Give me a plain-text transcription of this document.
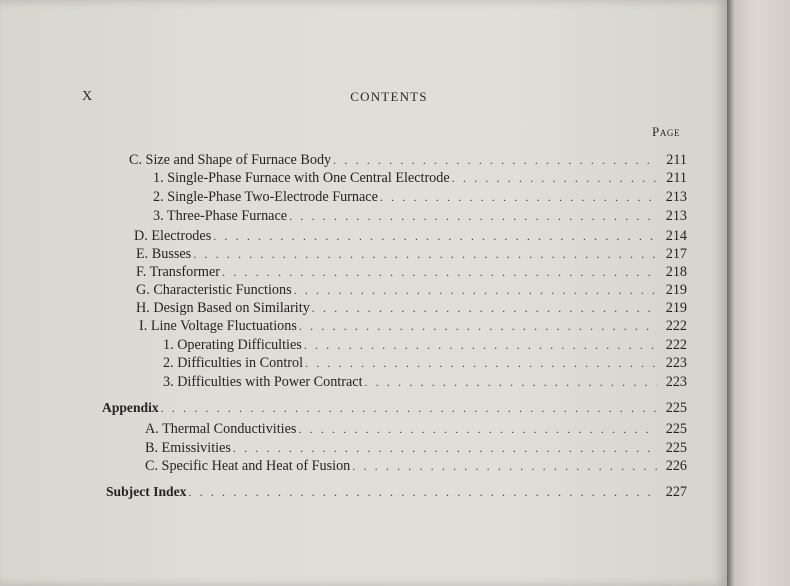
X	CONTENTS
Page
C. Size and Shape of Furnace Body . . .	211
1. Single-Phase Furnace with One Central Electrode . . .	211
2. Single-Phase Two-Electrode Furnace . . .	213
3. Three-Phase Furnace . . .	213
D. Electrodes . . .	214
E. Busses . . .	217
F. Transformer . . .	218
G. Characteristic Functions . . .	219
H. Design Based on Similarity . . .	219
I. Line Voltage Fluctuations . . .	222
1. Operating Difficulties . . .	222
2. Difficulties in Control . . .	223
3. Difficulties with Power Contract . . .	223
Appendix . . .	225
A. Thermal Conductivities . . .	225
B. Emissivities . . .	225
C. Specific Heat and Heat of Fusion . . .	226
Subject Index . . .	227
